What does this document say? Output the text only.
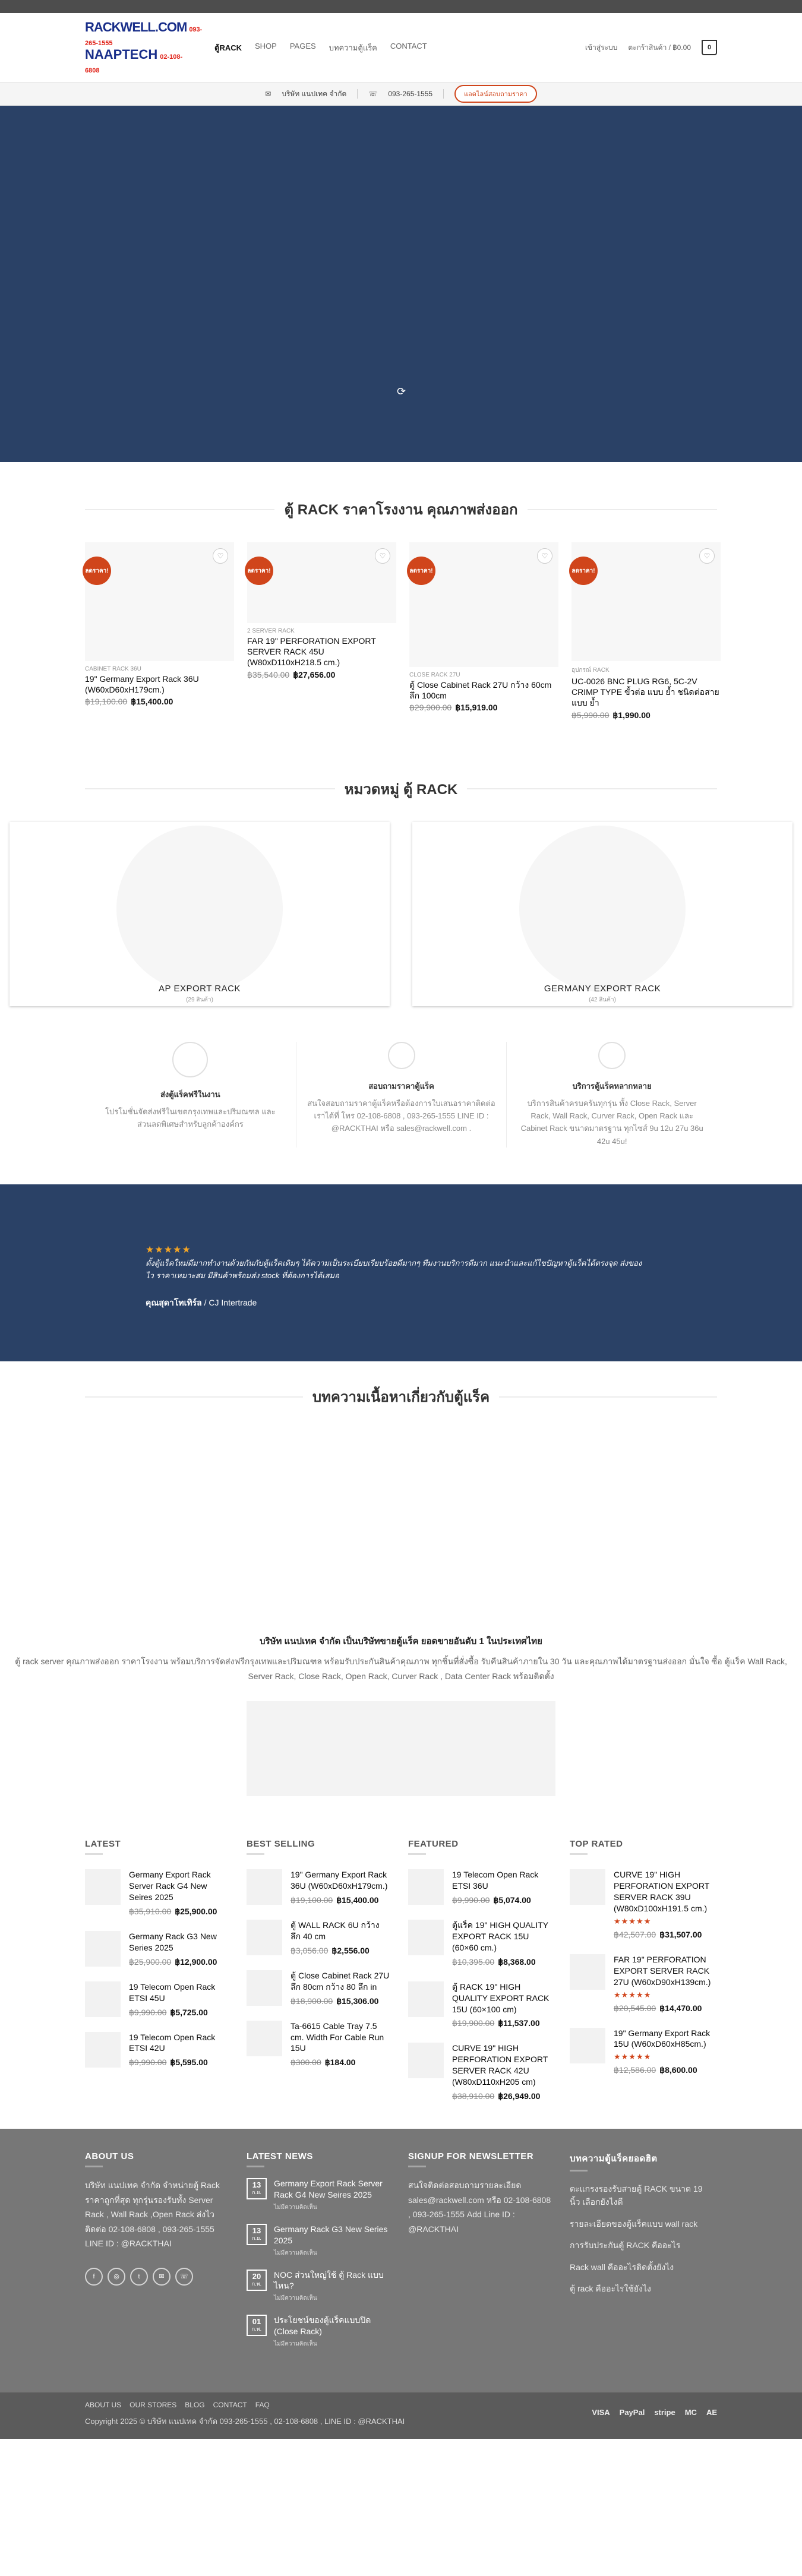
RACKWELL.COM 093-265-1555
NAAPTECH 02-108-6808
ตู้RACK SHOP PAGES บทความตู้แร็ค CONTACT	เข้าสู่ระบบ ตะกร้าสินค้า / ฿0.00	0
✉ บริษัท แนปเทค จํากัด	☏ 093-265-1555	แอดไลน์สอบถามราคา
⟳
ตู้ RACK ราคาโรงงาน คุณภาพส่งออก
ลดราคา!
♡
CABINET RACK 36U
19" Germany Export Rack 36U (W60xD60xH179cm.)
฿19,100.00 ฿15,400.00
ลดราคา!
♡
2 SERVER RACK
FAR 19" PERFORATION EXPORT SERVER RACK 45U (W80xD110xH218.5 cm.)
฿35,540.00 ฿27,656.00
ลดราคา!
♡
CLOSE RACK 27U
ตู้ Close Cabinet Rack 27U กว้าง 60cm ลึก 100cm
฿29,900.00 ฿15,919.00
ลดราคา!
♡
อุปกรณ์ RACK
UC-0026 BNC PLUG RG6, 5C-2V CRIMP TYPE ขั้วต่อ แบบ ย้ำ ชนิดต่อสาย แบบ ย้ำ
฿5,990.00 ฿1,990.00
หมวดหมู่ ตู้ RACK
AP EXPORT RACK
(29 สินค้า)
GERMANY EXPORT RACK
(42 สินค้า)
ส่งตู้แร็คฟรีในงาน
โปรโมชั่นจัดส่งฟรีในเขตกรุงเทพและปริมณฑล และส่วนลดพิเศษสำหรับลูกค้าองค์กร
สอบถามราคาตู้แร็ค
สนใจสอบถามราคาตู้แร็คหรือต้องการใบเสนอราคาติดต่อเราได้ที่ โทร 02-108-6808 , 093-265-1555 LINE ID : @RACKTHAI หรือ sales@rackwell.com .
บริการตู้แร็คหลากหลาย
บริการสินค้าครบครันทุกรุ่น ทั้ง Close Rack, Server Rack, Wall Rack, Curver Rack, Open Rack และ Cabinet Rack ขนาดมาตรฐาน ทุกไซส์ 9u 12u 27u 36u 42u 45u!
★★★★★
ตั้งตู้แร็คใหม่ดีมากทำงานด้วยกันกับตู้แร็คเดิมๆ ได้ความเป็นระเบียบเรียบร้อยดีมากๆ ทีมงานบริการดีมาก แนะนำและแก้ไขปัญหาตู้แร็คได้ตรงจุด ส่งของไว ราคาเหมาะสม มีสินค้าพร้อมส่ง stock ที่ต้องการได้เสมอ
คุณสุดาโทเทิร์ล / CJ Intertrade
บทความเนื้อหาเกี่ยวกับตู้แร็ค
บริษัท แนปเทค จํากัด เป็นบริษัทขายตู้แร็ค ยอดขายอันดับ 1 ในประเทศไทย
ตู้ rack server คุณภาพส่งออก ราคาโรงงาน พร้อมบริการจัดส่งฟรีกรุงเทพและปริมณฑล พร้อมรับประกันสินค้าคุณภาพ ทุกชิ้นที่สั่งซื้อ รับคืนสินค้าภายใน 30 วัน และคุณภาพได้มาตรฐานส่งออก มั่นใจ ซื้อ ตู้แร็ค Wall Rack, Server Rack, Close Rack, Open Rack, Curver Rack , Data Center Rack พร้อมติดตั้ง
LATEST
Germany Export Rack Server Rack G4 New Seires 2025
฿35,910.00 ฿25,900.00
Germany Rack G3 New Series 2025
฿25,900.00 ฿12,900.00
19 Telecom Open Rack ETSI 45U
฿9,990.00 ฿5,725.00
19 Telecom Open Rack ETSI 42U
฿9,990.00 ฿5,595.00
BEST SELLING
19" Germany Export Rack 36U (W60xD60xH179cm.)
฿19,100.00 ฿15,400.00
ตู้ WALL RACK 6U กว้าง ลึก 40 cm
฿3,056.00 ฿2,556.00
ตู้ Close Cabinet Rack 27U ลึก 80cm กว้าง 80 ลึก in
฿18,900.00 ฿15,306.00
Ta-6615 Cable Tray 7.5 cm. Width For Cable Run 15U
฿300.00 ฿184.00
FEATURED
19 Telecom Open Rack ETSI 36U
฿9,990.00 ฿5,074.00
ตู้แร็ค 19" HIGH QUALITY EXPORT RACK 15U (60×60 cm.)
฿10,395.00 ฿8,368.00
ตู้ RACK 19" HIGH QUALITY EXPORT RACK 15U (60×100 cm)
฿19,900.00 ฿11,537.00
CURVE 19" HIGH PERFORATION EXPORT SERVER RACK 42U (W80xD110xH205 cm)
฿38,910.00 ฿26,949.00
TOP RATED
CURVE 19" HIGH PERFORATION EXPORT SERVER RACK 39U (W80xD100xH191.5 cm.)
★★★★★
฿42,507.00 ฿31,507.00
FAR 19" PERFORATION EXPORT SERVER RACK 27U (W60xD90xH139cm.)
★★★★★
฿20,545.00 ฿14,470.00
19" Germany Export Rack 15U (W60xD60xH85cm.)
★★★★★
฿12,586.00 ฿8,600.00
ABOUT US
บริษัท แนปเทค จํากัด จำหน่ายตู้ Rack ราคาถูกที่สุด ทุกรุ่นรองรับทั้ง Server Rack , Wall Rack ,Open Rack ส่งไว ติดต่อ 02-108-6808 , 093-265-1555 LINE ID : @RACKTHAI
f	◎	t	✉	☏
LATEST NEWS
13
ก.ย.
Germany Export Rack Server Rack G4 New Seires 2025
ไม่มีความคิดเห็น
13
ก.ย.
Germany Rack G3 New Series 2025
ไม่มีความคิดเห็น
20
ก.พ.
NOC ส่วนใหญ่ใช้ ตู้ Rack แบบไหน?
ไม่มีความคิดเห็น
01
ก.พ.
ประโยชน์ของตู้แร็คแบบปิด (Close Rack)
ไม่มีความคิดเห็น
SIGNUP FOR NEWSLETTER
สนใจติดต่อสอบถามรายละเอียด sales@rackwell.com หรือ 02-108-6808 , 093-265-1555 Add Line ID : @RACKTHAI
บทความตู้แร็คยอดฮิต
ตะแกรงรองรับสายตู้ RACK ขนาด 19 นิ้ว เลือกยังไงดี
รายละเอียดของตู้แร็คแบบ wall rack
การรับประกันตู้ RACK คืออะไร
Rack wall คืออะไรติดตั้งยังไง
ตู้ rack คืออะไรใช้ยังไง
ABOUT US OUR STORES BLOG CONTACT FAQ
Copyright 2025 © บริษัท แนปเทค จํากัด 093-265-1555 , 02-108-6808 , LINE ID : @RACKTHAI
VISA PayPal stripe MC AE
